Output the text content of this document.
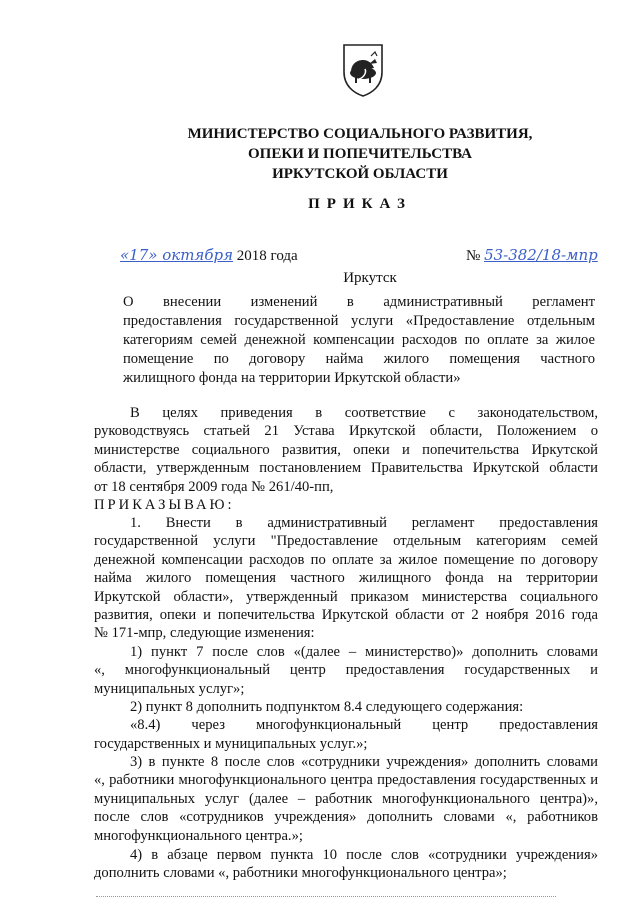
МИНИСТЕРСТВО СОЦИАЛЬНОГО РАЗВИТИЯ,
ОПЕКИ И ПОПЕЧИТЕЛЬСТВА
ИРКУТСКОЙ ОБЛАСТИ
ПРИКАЗ
«17» октября 2018 года	№ 53-382/18-мпр
Иркутск
О внесении изменений в административный регламент
предоставления государственной услуги «Предоставление отдельным
категориям семей денежной компенсации расходов по оплате за жилое
помещение по договору найма жилого помещения частного
жилищного фонда на территории Иркутской области»
В целях приведения в соответствие с законодательством,
руководствуясь статьей 21 Устава Иркутской области, Положением о
министерстве социального развития, опеки и попечительства Иркутской
области, утвержденным постановлением Правительства Иркутской области
от 18 сентября 2009 года № 261/40-пп,
ПРИКАЗЫВАЮ:
1. Внести в административный регламент предоставления
государственной услуги "Предоставление отдельным категориям семей
денежной компенсации расходов по оплате за жилое помещение по договору
найма жилого помещения частного жилищного фонда на территории
Иркутской области», утвержденный приказом министерства социального
развития, опеки и попечительства Иркутской области от 2 ноября 2016 года
№ 171-мпр, следующие изменения:
1) пункт 7 после слов «(далее – министерство)» дополнить словами
«, многофункциональный центр предоставления государственных и
муниципальных услуг»;
2) пункт 8 дополнить подпунктом 8.4 следующего содержания:
«8.4) через многофункциональный центр предоставления
государственных и муниципальных услуг.»;
3) в пункте 8 после слов «сотрудники учреждения» дополнить словами
«, работники многофункционального центра предоставления государственных и
муниципальных услуг (далее – работник многофункционального центра)»,
после слов «сотрудников учреждения» дополнить словами «, работников
многофункционального центра.»;
4) в абзаце первом пункта 10 после слов «сотрудники учреждения»
дополнить словами «, работники многофункционального центра»;
